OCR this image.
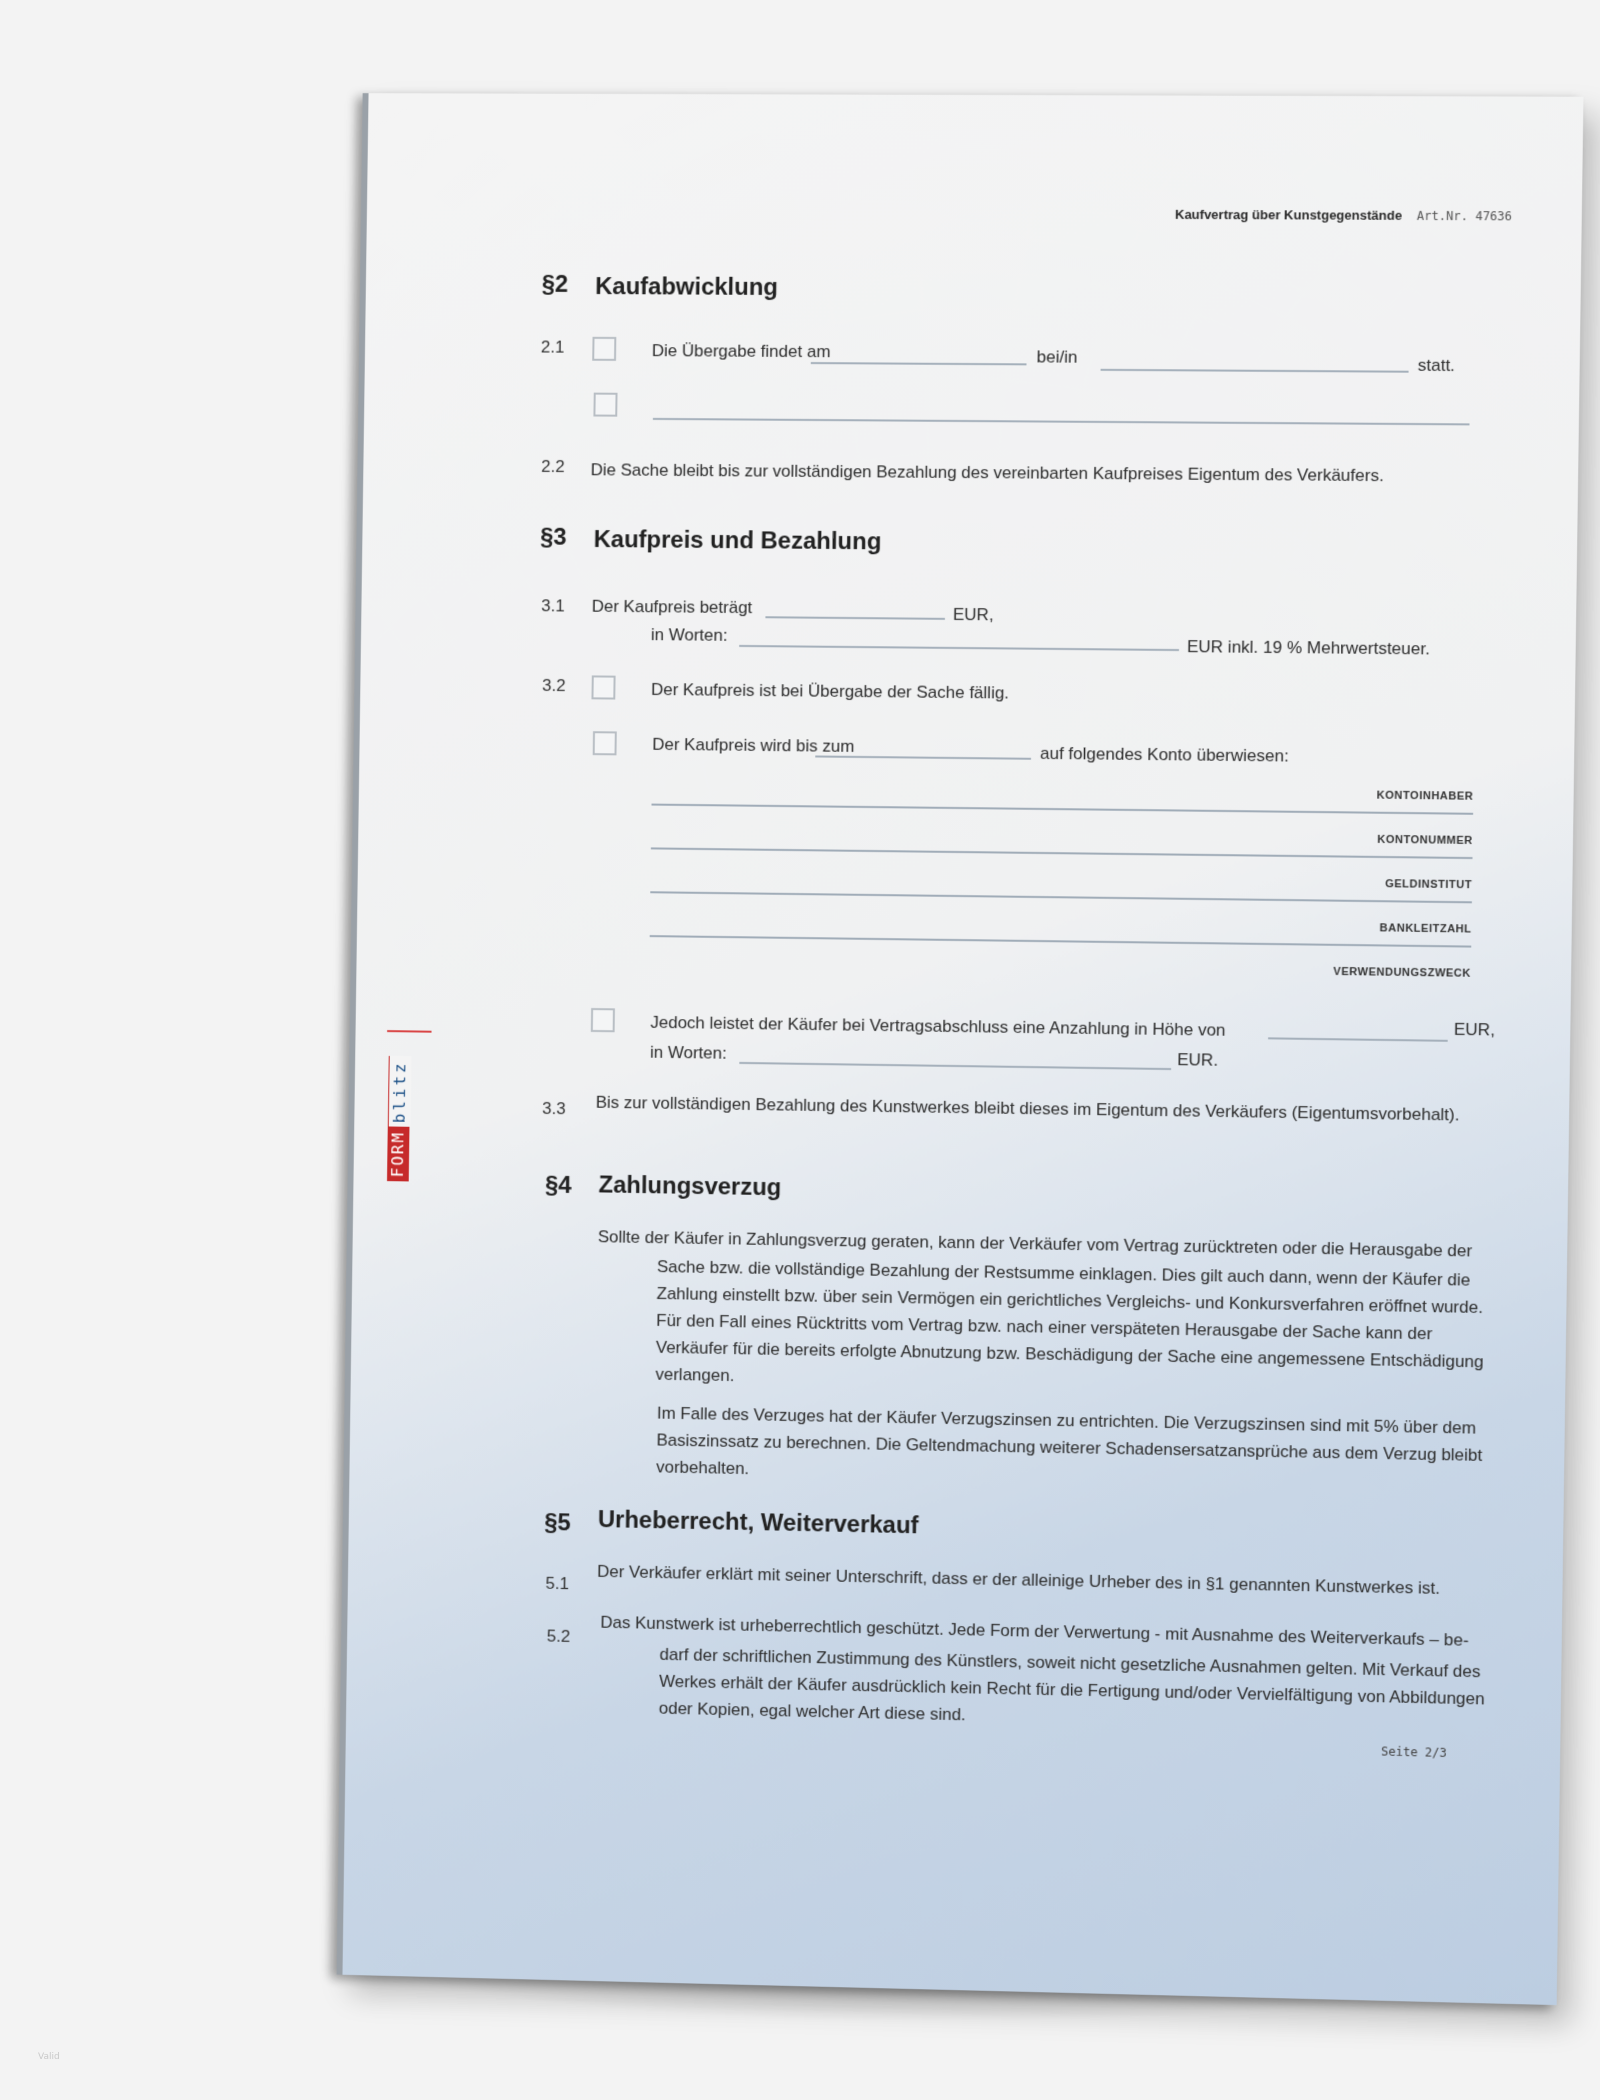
Kaufvertrag über Kunstgegenstände Art.Nr. 47636
FORM
blitz
§2 Kaufabwicklung
2.1	Die Übergabe findet am	bei/in	statt.
2.2 Die Sache bleibt bis zur vollständigen Bezahlung des vereinbarten Kaufpreises Eigentum des Verkäufers.
§3 Kaufpreis und Bezahlung
3.1 Der Kaufpreis beträgt	EUR,
in Worten:
EUR inkl. 19 % Mehrwertsteuer.
3.2	Der Kaufpreis ist bei Übergabe der Sache fällig.
Der Kaufpreis wird bis zum	auf folgendes Konto überwiesen:
KONTOINHABER
KONTONUMMER
GELDINSTITUT
BANKLEITZAHL
VERWENDUNGSZWECK
Jedoch leistet der Käufer bei Vertragsabschluss eine Anzahlung in Höhe von	EUR,
in Worten:	EUR.
3.3 Bis zur vollständigen Bezahlung des Kunstwerkes bleibt dieses im Eigentum des Verkäufers (Eigentumsvorbehalt).
§4 Zahlungsverzug
Sollte der Käufer in Zahlungsverzug geraten, kann der Verkäufer vom Vertrag zurücktreten oder die Herausgabe der
Sache bzw. die vollständige Bezahlung der Restsumme einklagen. Dies gilt auch dann, wenn der Käufer die Zahlung einstellt bzw. über sein Vermögen ein gerichtliches Vergleichs- und Konkursverfahren eröffnet wurde. Für den Fall eines Rücktritts vom Vertrag bzw. nach einer verspäteten Herausgabe der Sache kann der Verkäufer für die bereits erfolgte Abnutzung bzw. Beschädigung der Sache eine angemessene Entschädigung verlangen.
Im Falle des Verzuges hat der Käufer Verzugszinsen zu entrichten. Die Verzugszinsen sind mit 5% über dem Basiszinssatz zu berechnen. Die Geltendmachung weiterer Schadensersatzansprüche aus dem Verzug bleibt vorbehalten.
§5 Urheberrecht, Weiterverkauf
5.1 Der Verkäufer erklärt mit seiner Unterschrift, dass er der alleinige Urheber des in §1 genannten Kunstwerkes ist.
5.2 Das Kunstwerk ist urheberrechtlich geschützt. Jede Form der Verwertung - mit Ausnahme des Weiterverkaufs – be-
darf der schriftlichen Zustimmung des Künstlers, soweit nicht gesetzliche Ausnahmen gelten. Mit Verkauf des Werkes erhält der Käufer ausdrücklich kein Recht für die Fertigung und/oder Vervielfältigung von Abbildungen oder Kopien, egal welcher Art diese sind.
Seite 2/3
Valid
